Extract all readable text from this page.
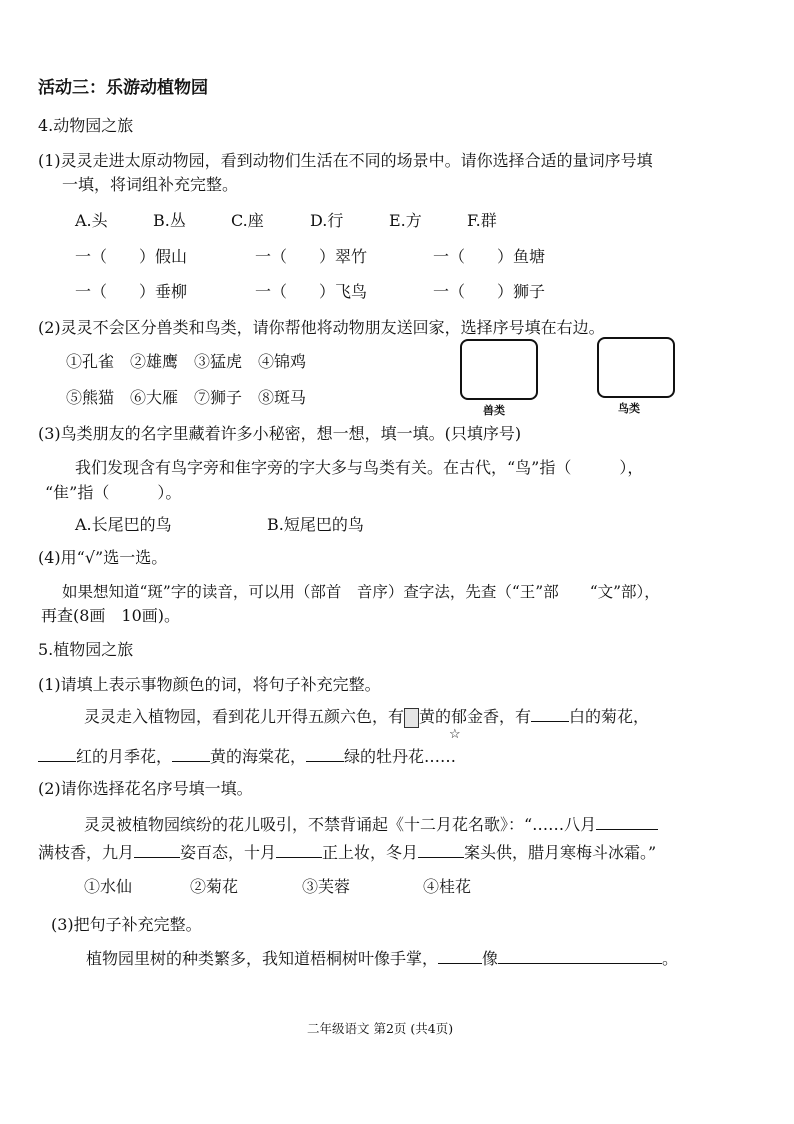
活动三：乐游动植物园
4.动物园之旅
(1)灵灵走进太原动物园，看到动物们生活在不同的场景中。请你选择合适的量词序号填
一填，将词组补充完整。
A.头	B.丛	C.座	D.行	E.方	F.群
一（　　）假山	一（　　）翠竹	一（　　）鱼塘
一（　　）垂柳	一（　　）飞鸟	一（　　）狮子
(2)灵灵不会区分兽类和鸟类，请你帮他将动物朋友送回家，选择序号填在右边。
①孔雀　②雄鹰　③猛虎　④锦鸡
⑤熊猫　⑥大雁　⑦狮子　⑧斑马
兽类	鸟类
(3)鸟类朋友的名字里藏着许多小秘密，想一想，填一填。(只填序号)
我们发现含有鸟字旁和隹字旁的字大多与鸟类有关。在古代，“鸟”指（　　　），
“隹”指（　　　）。
A.长尾巴的鸟	B.短尾巴的鸟
(4)用“√”选一选。
如果想知道“斑”字的读音，可以用（部首　音序）查字法，先查（“王”部　　“文”部），
再查(8画　10画)。
5.植物园之旅
(1)请填上表示事物颜色的词，将句子补充完整。
灵灵走入植物园，看到花儿开得五颜六色，有 黄的郁金香，有 白的菊花，
☆
红的月季花， 黄的海棠花， 绿的牡丹花……
(2)请你选择花名序号填一填。
灵灵被植物园缤纷的花儿吸引，不禁背诵起《十二月花名歌》：“……八月
满枝香，九月	姿百态，十月	正上妆，冬月	案头供，腊月寒梅斗冰霜。”
①水仙	②菊花	③芙蓉	④桂花
(3)把句子补充完整。
植物园里树的种类繁多，我知道梧桐树叶像手掌，	像	。
二年级语文 第2页 (共4页)
